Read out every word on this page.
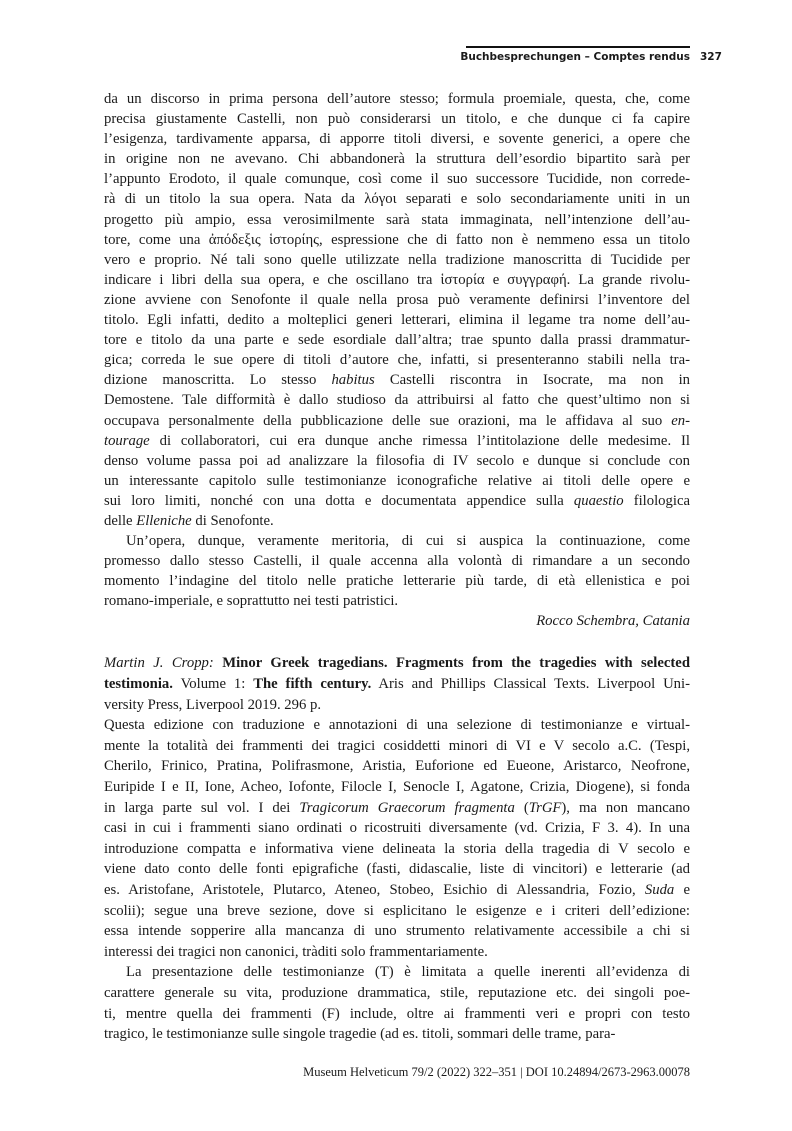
Buchbesprechungen – Comptes rendus 327
da un discorso in prima persona dell’autore stesso; formula proemiale, questa, che, come
precisa giustamente Castelli, non può considerarsi un titolo, e che dunque ci fa capire
l’esigenza, tardivamente apparsa, di apporre titoli diversi, e sovente generici, a opere che
in origine non ne avevano. Chi abbandonerà la struttura dell’esordio bipartito sarà per
l’appunto Erodoto, il quale comunque, così come il suo successore Tucidide, non correde-
rà di un titolo la sua opera. Nata da λόγοι separati e solo secondariamente uniti in un
progetto più ampio, essa verosimilmente sarà stata immaginata, nell’intenzione dell’au-
tore, come una ἀπόδεξις ἱστορίης, espressione che di fatto non è nemmeno essa un titolo
vero e proprio. Né tali sono quelle utilizzate nella tradizione manoscritta di Tucidide per
indicare i libri della sua opera, e che oscillano tra ἱστορία e συγγραφή. La grande rivolu-
zione avviene con Senofonte il quale nella prosa può veramente definirsi l’inventore del
titolo. Egli infatti, dedito a molteplici generi letterari, elimina il legame tra nome dell’au-
tore e titolo da una parte e sede esordiale dall’altra; trae spunto dalla prassi drammatur-
gica; correda le sue opere di titoli d’autore che, infatti, si presenteranno stabili nella tra-
dizione manoscritta. Lo stesso habitus Castelli riscontra in Isocrate, ma non in
Demostene. Tale difformità è dallo studioso da attribuirsi al fatto che quest’ultimo non si
occupava personalmente della pubblicazione delle sue orazioni, ma le affidava al suo en-
tourage di collaboratori, cui era dunque anche rimessa l’intitolazione delle medesime. Il
denso volume passa poi ad analizzare la filosofia di IV secolo e dunque si conclude con
un interessante capitolo sulle testimonianze iconografiche relative ai titoli delle opere e
sui loro limiti, nonché con una dotta e documentata appendice sulla quaestio filologica
delle Elleniche di Senofonte.
Un’opera, dunque, veramente meritoria, di cui si auspica la continuazione, come
promesso dallo stesso Castelli, il quale accenna alla volontà di rimandare a un secondo
momento l’indagine del titolo nelle pratiche letterarie più tarde, di età ellenistica e poi
romano-imperiale, e soprattutto nei testi patristici.
Rocco Schembra, Catania
Martin J. Cropp: Minor Greek tragedians. Fragments from the tragedies with selected
testimonia. Volume 1: The fifth century. Aris and Phillips Classical Texts. Liverpool Uni-
versity Press, Liverpool 2019. 296 p.
Questa edizione con traduzione e annotazioni di una selezione di testimonianze e virtual-
mente la totalità dei frammenti dei tragici cosiddetti minori di VI e V secolo a.C. (Tespi,
Cherilo, Frinico, Pratina, Polifrasmone, Aristia, Euforione ed Eueone, Aristarco, Neofrone,
Euripide I e II, Ione, Acheo, Iofonte, Filocle I, Senocle I, Agatone, Crizia, Diogene), si fonda
in larga parte sul vol. I dei Tragicorum Graecorum fragmenta (TrGF), ma non mancano
casi in cui i frammenti siano ordinati o ricostruiti diversamente (vd. Crizia, F 3. 4). In una
introduzione compatta e informativa viene delineata la storia della tragedia di V secolo e
viene dato conto delle fonti epigrafiche (fasti, didascalie, liste di vincitori) e letterarie (ad
es. Aristofane, Aristotele, Plutarco, Ateneo, Stobeo, Esichio di Alessandria, Fozio, Suda e
scolii); segue una breve sezione, dove si esplicitano le esigenze e i criteri dell’edizione:
essa intende sopperire alla mancanza di uno strumento relativamente accessibile a chi si
interessi dei tragici non canonici, tràditi solo frammentariamente.
La presentazione delle testimonianze (T) è limitata a quelle inerenti all’evidenza di
carattere generale su vita, produzione drammatica, stile, reputazione etc. dei singoli poe-
ti, mentre quella dei frammenti (F) include, oltre ai frammenti veri e propri con testo
tragico, le testimonianze sulle singole tragedie (ad es. titoli, sommari delle trame, para-
Museum Helveticum 79/2 (2022) 322–351 | DOI 10.24894/2673-2963.00078
